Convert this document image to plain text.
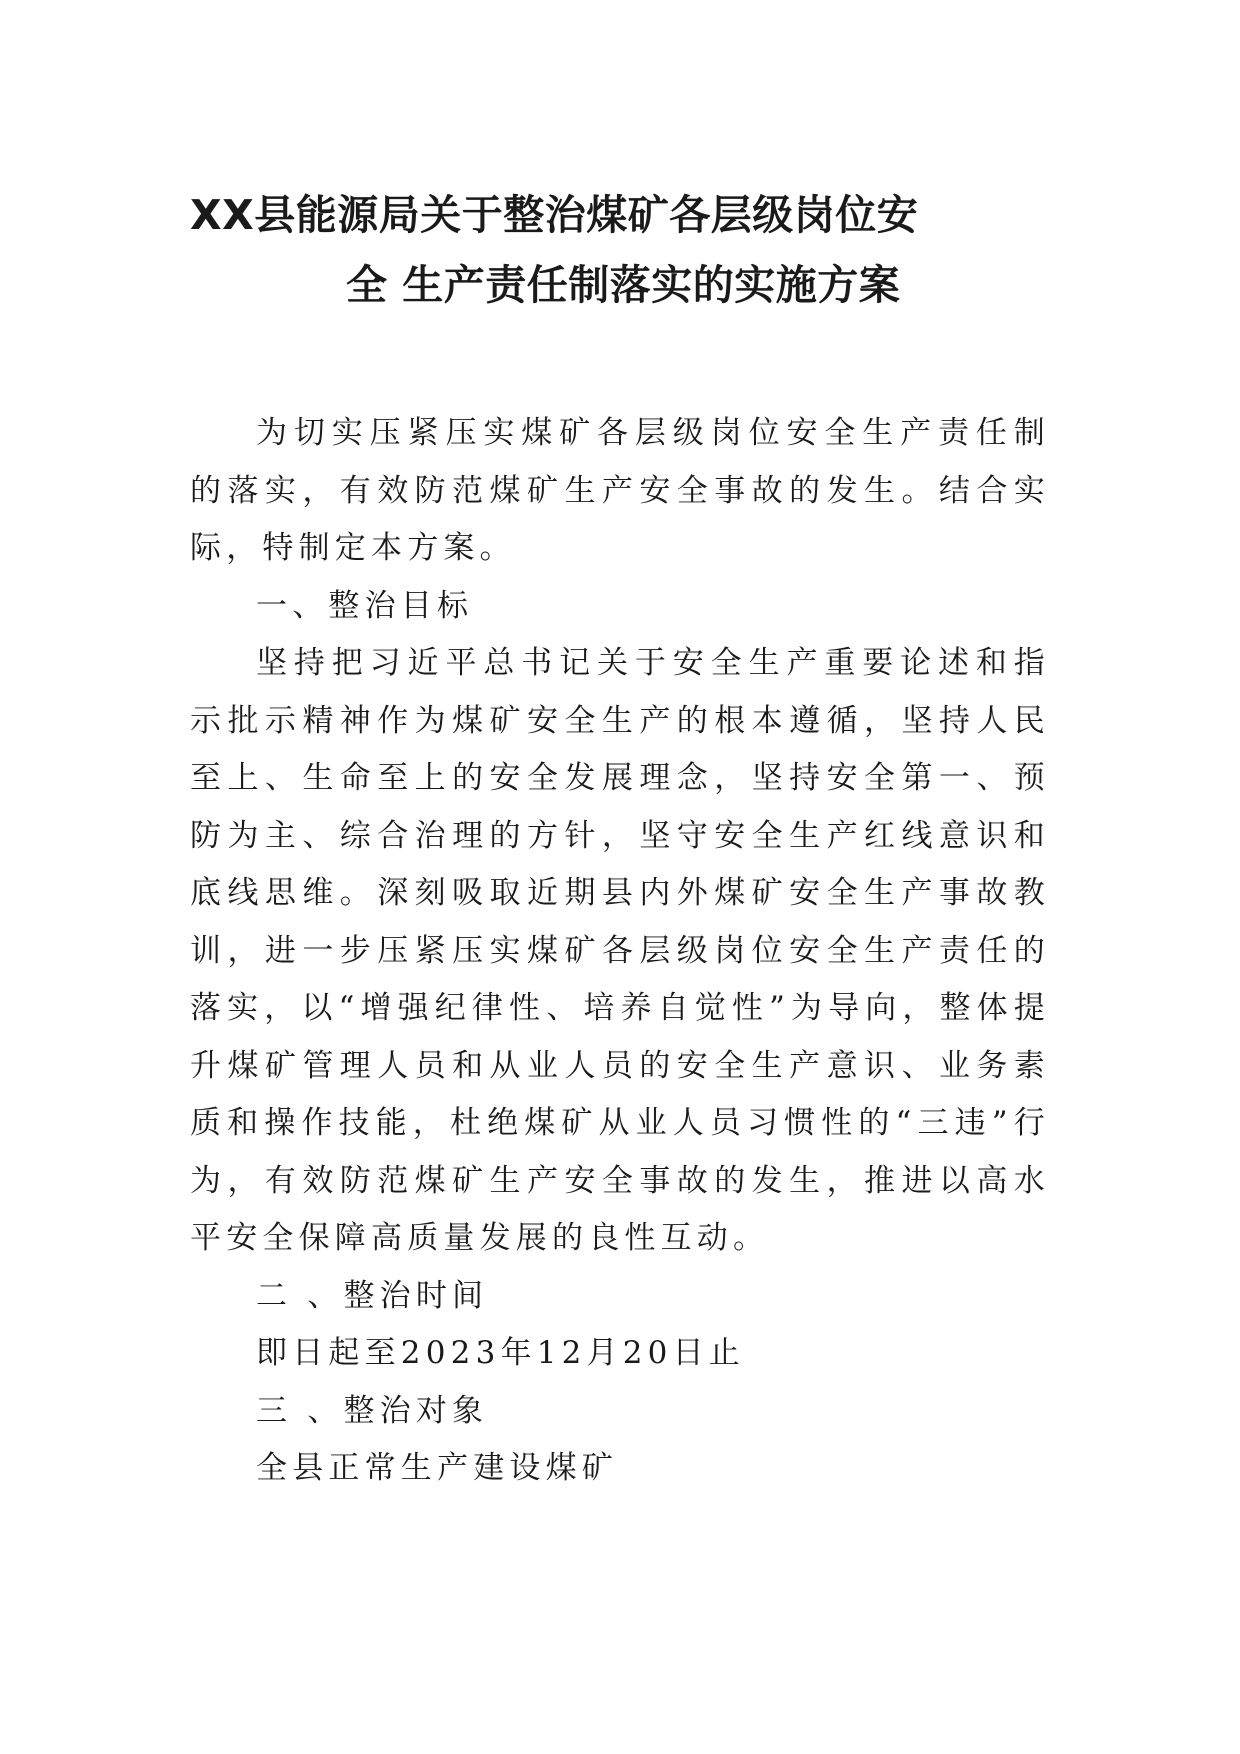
XX县能源局关于整治煤矿各层级岗位安
全 生产责任制落实的实施方案

为切实压紧压实煤矿各层级岗位安全生产责任制的落实，有效防范煤矿生产安全事故的发生。结合实际，特制定本方案。

一、整治目标

坚持把习近平总书记关于安全生产重要论述和指示批示精神作为煤矿安全生产的根本遵循，坚持人民至上、生命至上的安全发展理念，坚持安全第一、预防为主、综合治理的方针，坚守安全生产红线意识和底线思维。深刻吸取近期县内外煤矿安全生产事故教训，进一步压紧压实煤矿各层级岗位安全生产责任的落实，以“增强纪律性、培养自觉性”为导向，整体提升煤矿管理人员和从业人员的安全生产意识、业务素质和操作技能，杜绝煤矿从业人员习惯性的“三违”行为，有效防范煤矿生产安全事故的发生，推进以高水平安全保障高质量发展的良性互动。

二 、整治时间

即日起至2023年12月20日止

三 、整治对象

全县正常生产建设煤矿
